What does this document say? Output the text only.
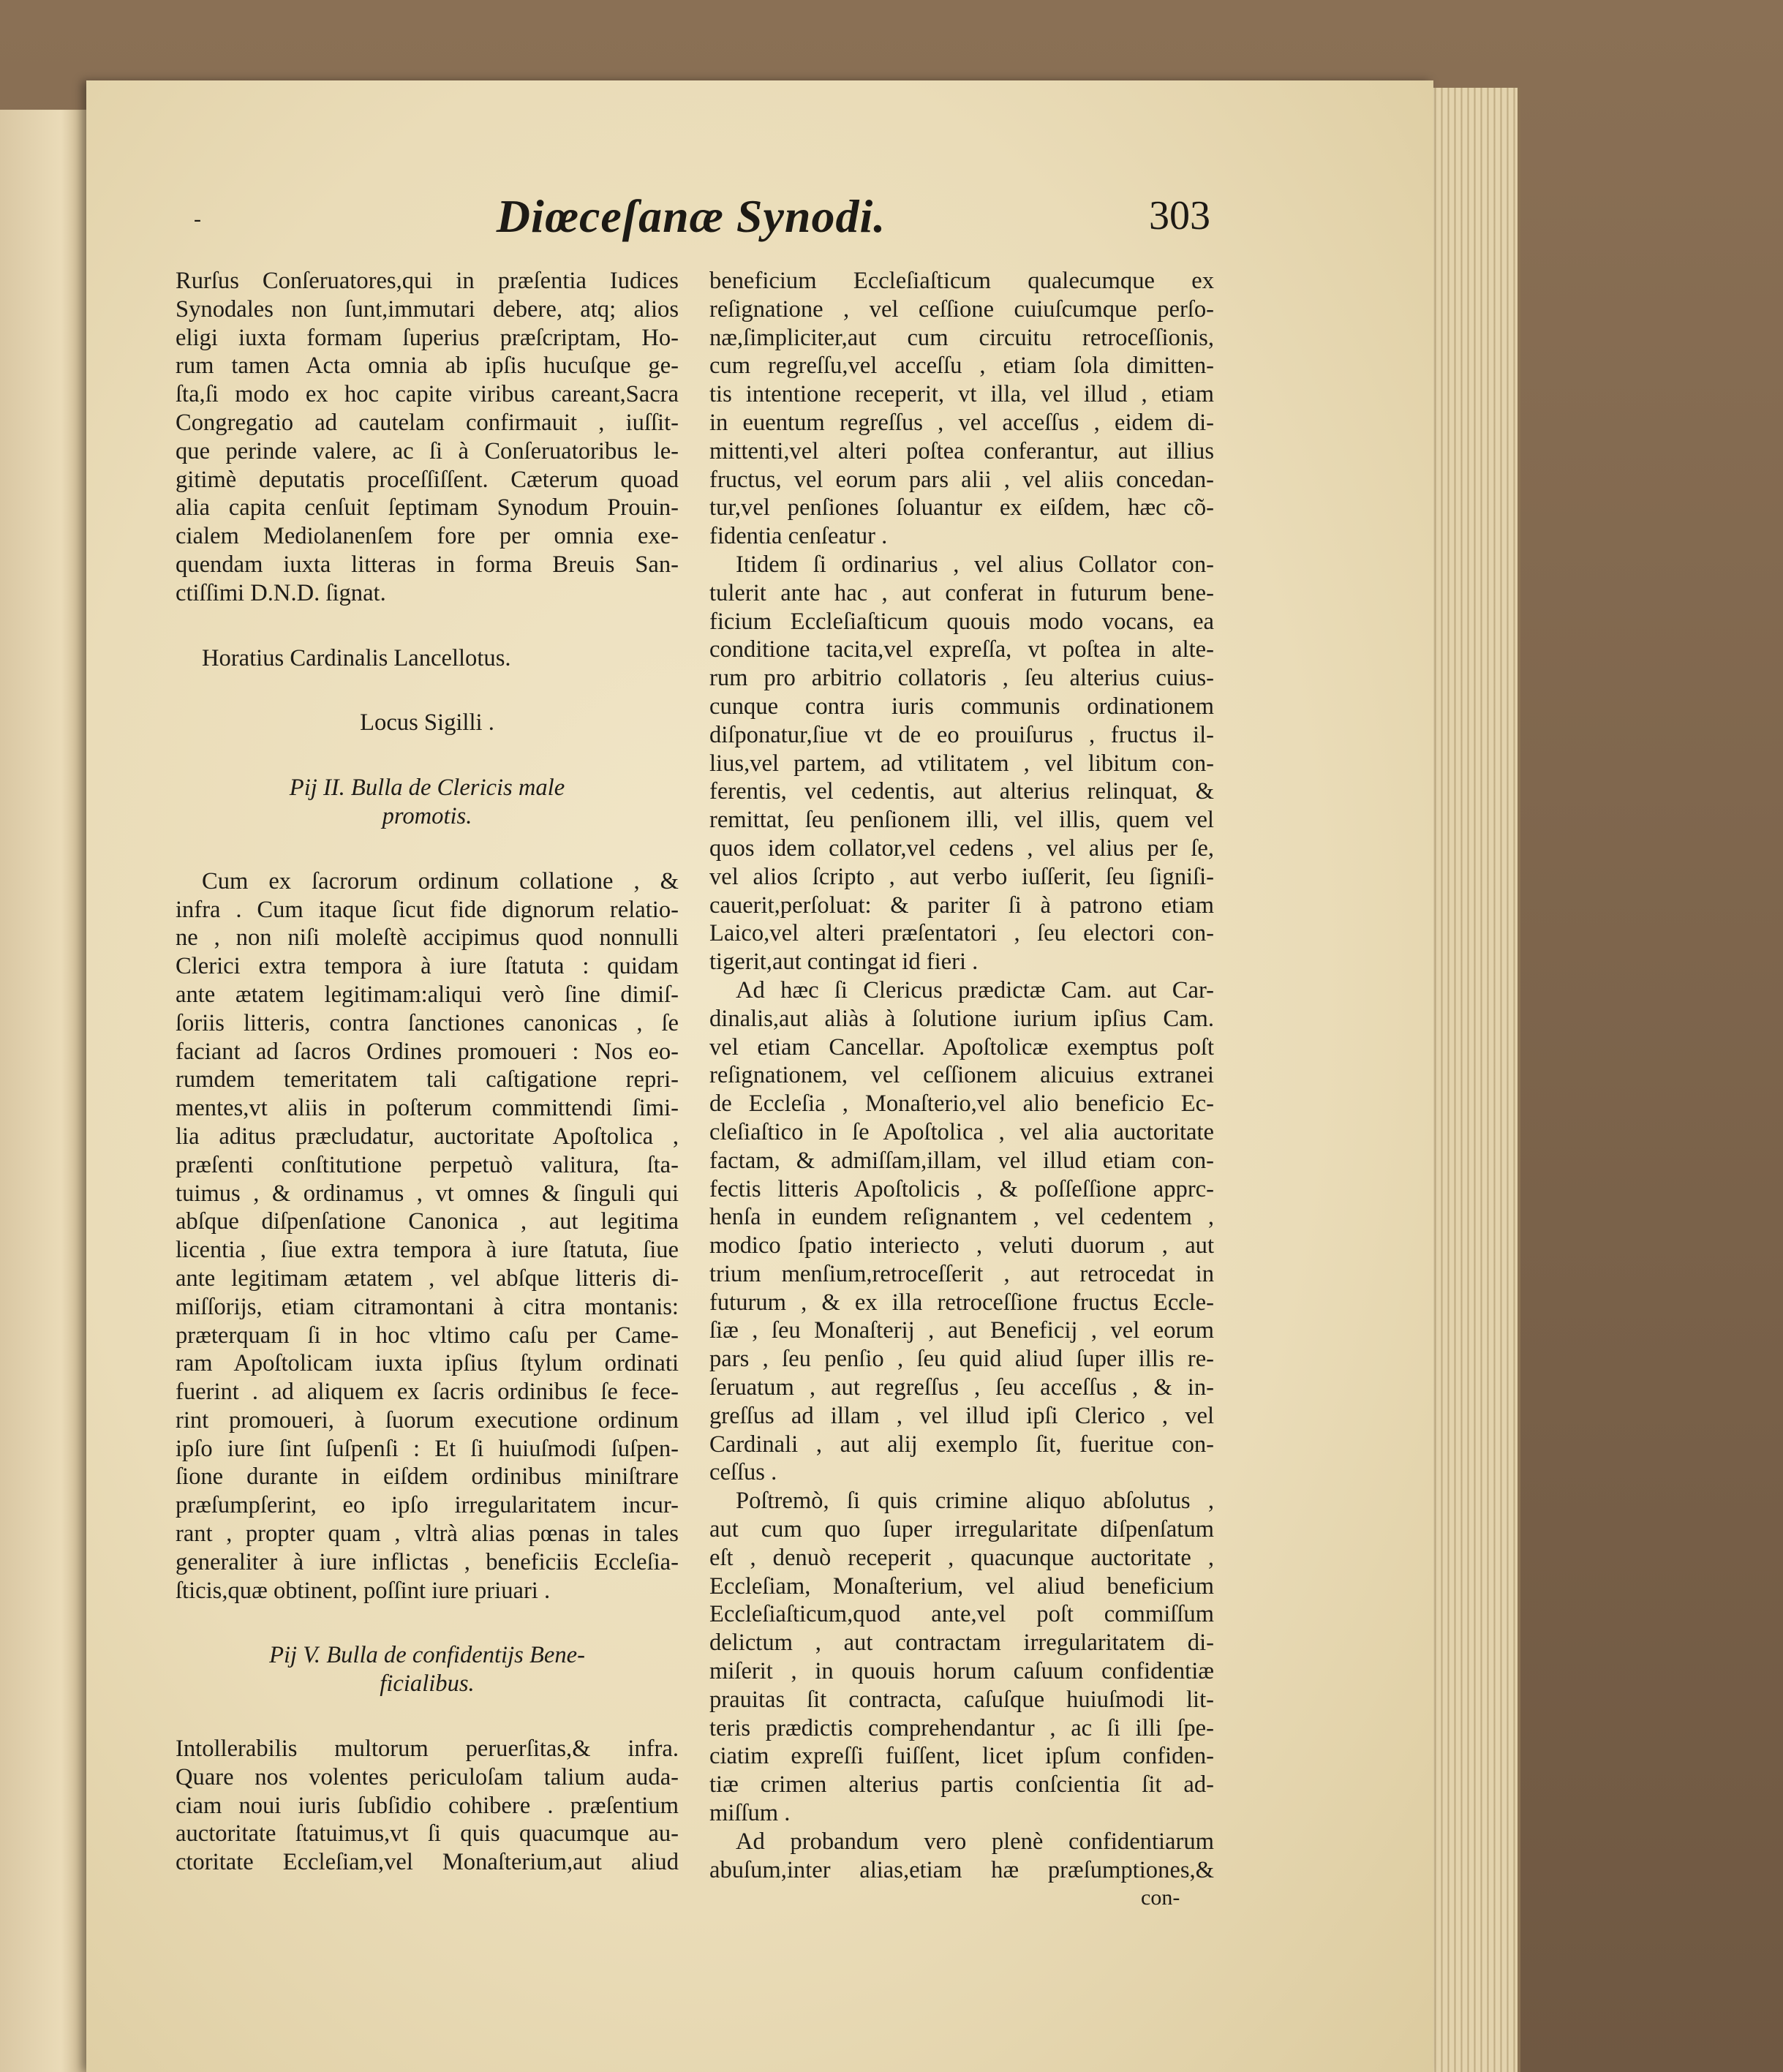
-	Diœceſanæ Synodi.	303
Rurſus Conſeruatores,qui in præſentia Iudices
Synodales non ſunt,immutari debere, atq; alios
eligi iuxta formam ſuperius præſcriptam, Ho-
rum tamen Acta omnia ab ipſis hucuſque ge-
ſta,ſi modo ex hoc capite viribus careant,Sacra
Congregatio ad cautelam confirmauit , iuſſit-
que perinde valere, ac ſi à Conſeruatoribus le-
gitimè deputatis proceſſiſſent. Cæterum quoad
alia capita cenſuit ſeptimam Synodum Prouin-
cialem Mediolanenſem fore per omnia exe-
quendam iuxta litteras in forma Breuis San-
ctiſſimi D.N.D. ſignat.
Horatius Cardinalis Lancellotus.
Locus Sigilli .
Pij II. Bulla de Clericis male
promotis.
Cum ex ſacrorum ordinum collatione , &
infra . Cum itaque ſicut fide dignorum relatio-
ne , non niſi moleſtè accipimus quod nonnulli
Clerici extra tempora à iure ſtatuta : quidam
ante ætatem legitimam:aliqui verò ſine dimiſ-
ſoriis litteris, contra ſanctiones canonicas , ſe
faciant ad ſacros Ordines promoueri : Nos eo-
rumdem temeritatem tali caſtigatione repri-
mentes,vt aliis in poſterum committendi ſimi-
lia aditus præcludatur, auctoritate Apoſtolica ,
præſenti conſtitutione perpetuò valitura, ſta-
tuimus , & ordinamus , vt omnes & ſinguli qui
abſque diſpenſatione Canonica , aut legitima
licentia , ſiue extra tempora à iure ſtatuta, ſiue
ante legitimam ætatem , vel abſque litteris di-
miſſorijs, etiam citramontani à citra montanis:
præterquam ſi in hoc vltimo caſu per Came-
ram Apoſtolicam iuxta ipſius ſtylum ordinati
fuerint . ad aliquem ex ſacris ordinibus ſe fece-
rint promoueri, à ſuorum executione ordinum
ipſo iure ſint ſuſpenſi : Et ſi huiuſmodi ſuſpen-
ſione durante in eiſdem ordinibus miniſtrare
præſumpſerint, eo ipſo irregularitatem incur-
rant , propter quam , vltrà alias pœnas in tales
generaliter à iure inflictas , beneficiis Eccleſia-
ſticis,quæ obtinent, poſſint iure priuari .
Pij V. Bulla de confidentijs Bene-
ficialibus.
Intollerabilis multorum peruerſitas,& infra.
Quare nos volentes periculoſam talium auda-
ciam noui iuris ſubſidio cohibere . præſentium
auctoritate ſtatuimus,vt ſi quis quacumque au-
ctoritate Eccleſiam,vel Monaſterium,aut aliud
beneficium Eccleſiaſticum qualecumque ex
reſignatione , vel ceſſione cuiuſcumque perſo-
næ,ſimpliciter,aut cum circuitu retroceſſionis,
cum regreſſu,vel acceſſu , etiam ſola dimitten-
tis intentione receperit, vt illa, vel illud , etiam
in euentum regreſſus , vel acceſſus , eidem di-
mittenti,vel alteri poſtea conferantur, aut illius
fructus, vel eorum pars alii , vel aliis concedan-
tur,vel penſiones ſoluantur ex eiſdem, hæc cõ-
fidentia cenſeatur .
Itidem ſi ordinarius , vel alius Collator con-
tulerit ante hac , aut conferat in futurum bene-
ficium Eccleſiaſticum quouis modo vocans, ea
conditione tacita,vel expreſſa, vt poſtea in alte-
rum pro arbitrio collatoris , ſeu alterius cuius-
cunque contra iuris communis ordinationem
diſponatur,ſiue vt de eo prouiſurus , fructus il-
lius,vel partem, ad vtilitatem , vel libitum con-
ferentis, vel cedentis, aut alterius relinquat, &
remittat, ſeu penſionem illi, vel illis, quem vel
quos idem collator,vel cedens , vel alius per ſe,
vel alios ſcripto , aut verbo iuſſerit, ſeu ſigniſi-
cauerit,perſoluat: & pariter ſi à patrono etiam
Laico,vel alteri præſentatori , ſeu electori con-
tigerit,aut contingat id fieri .
Ad hæc ſi Clericus prædictæ Cam. aut Car-
dinalis,aut aliàs à ſolutione iurium ipſius Cam.
vel etiam Cancellar. Apoſtolicæ exemptus poſt
reſignationem, vel ceſſionem alicuius extranei
de Eccleſia , Monaſterio,vel alio beneficio Ec-
cleſiaſtico in ſe Apoſtolica , vel alia auctoritate
factam, & admiſſam,illam, vel illud etiam con-
fectis litteris Apoſtolicis , & poſſeſſione apprc-
henſa in eundem reſignantem , vel cedentem ,
modico ſpatio interiecto , veluti duorum , aut
trium menſium,retroceſſerit , aut retrocedat in
futurum , & ex illa retroceſſione fructus Eccle-
ſiæ , ſeu Monaſterij , aut Beneficij , vel eorum
pars , ſeu penſio , ſeu quid aliud ſuper illis re-
ſeruatum , aut regreſſus , ſeu acceſſus , & in-
greſſus ad illam , vel illud ipſi Clerico , vel
Cardinali , aut alij exemplo ſit, fueritue con-
ceſſus .
Poſtremò, ſi quis crimine aliquo abſolutus ,
aut cum quo ſuper irregularitate diſpenſatum
eſt , denuò receperit , quacunque auctoritate ,
Eccleſiam, Monaſterium, vel aliud beneficium
Eccleſiaſticum,quod ante,vel poſt commiſſum
delictum , aut contractam irregularitatem di-
miſerit , in quouis horum caſuum confidentiæ
prauitas ſit contracta, caſuſque huiuſmodi lit-
teris prædictis comprehendantur , ac ſi illi ſpe-
ciatim expreſſi fuiſſent, licet ipſum confiden-
tiæ crimen alterius partis conſcientia ſit ad-
miſſum .
Ad probandum vero plenè confidentiarum
abuſum,inter alias,etiam hæ præſumptiones,&
con-
